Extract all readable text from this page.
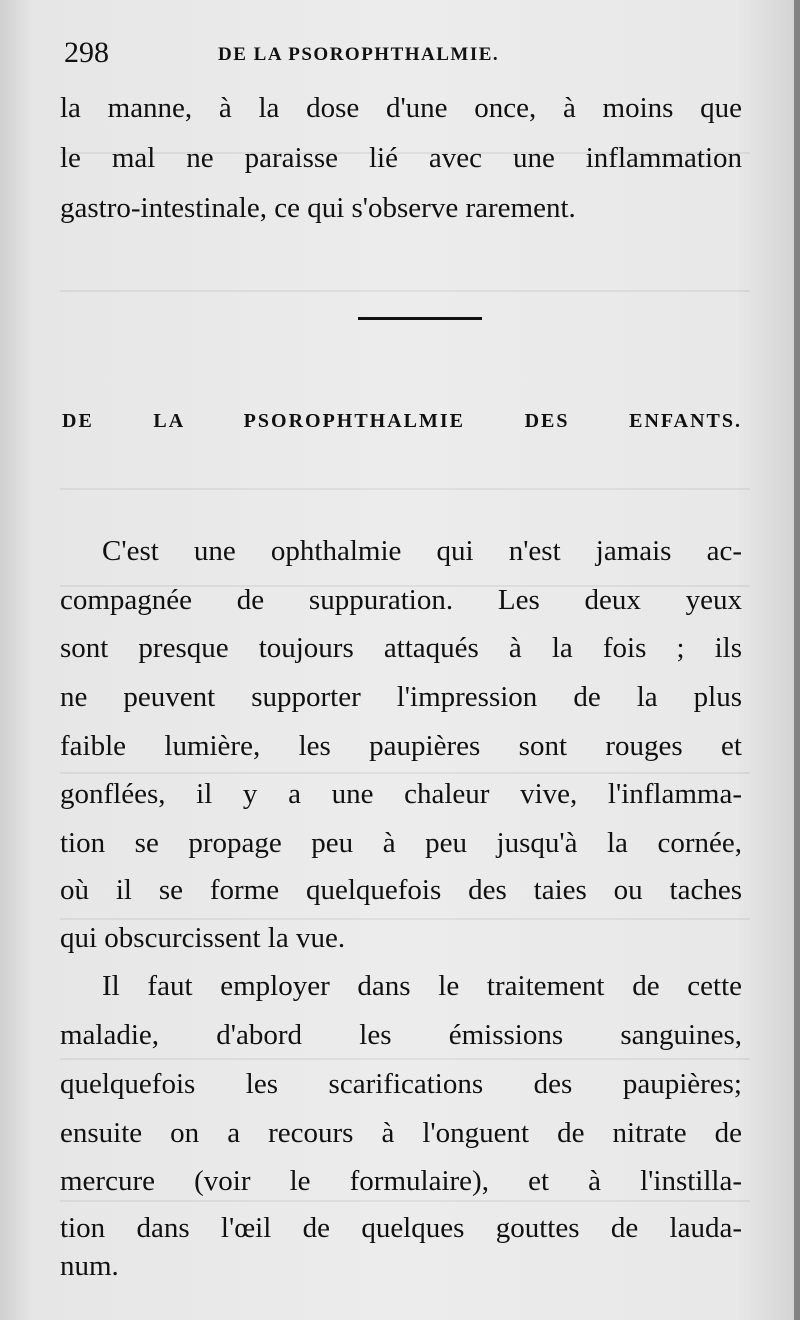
298	DE LA PSOROPHTHALMIE.
la manne, à la dose d'une once, à moins que
le mal ne paraisse lié avec une inflammation
gastro-intestinale, ce qui s'observe rarement.
DE LA PSOROPHTHALMIE DES ENFANTS.
C'est une ophthalmie qui n'est jamais ac-
compagnée de suppuration. Les deux yeux
sont presque toujours attaqués à la fois ; ils
ne peuvent supporter l'impression de la plus
faible lumière, les paupières sont rouges et
gonflées, il y a une chaleur vive, l'inflamma-
tion se propage peu à peu jusqu'à la cornée,
où il se forme quelquefois des taies ou taches
qui obscurcissent la vue.
Il faut employer dans le traitement de cette
maladie, d'abord les émissions sanguines,
quelquefois les scarifications des paupières;
ensuite on a recours à l'onguent de nitrate de
mercure (voir le formulaire), et à l'instilla-
tion dans l'œil de quelques gouttes de lauda-
num.
